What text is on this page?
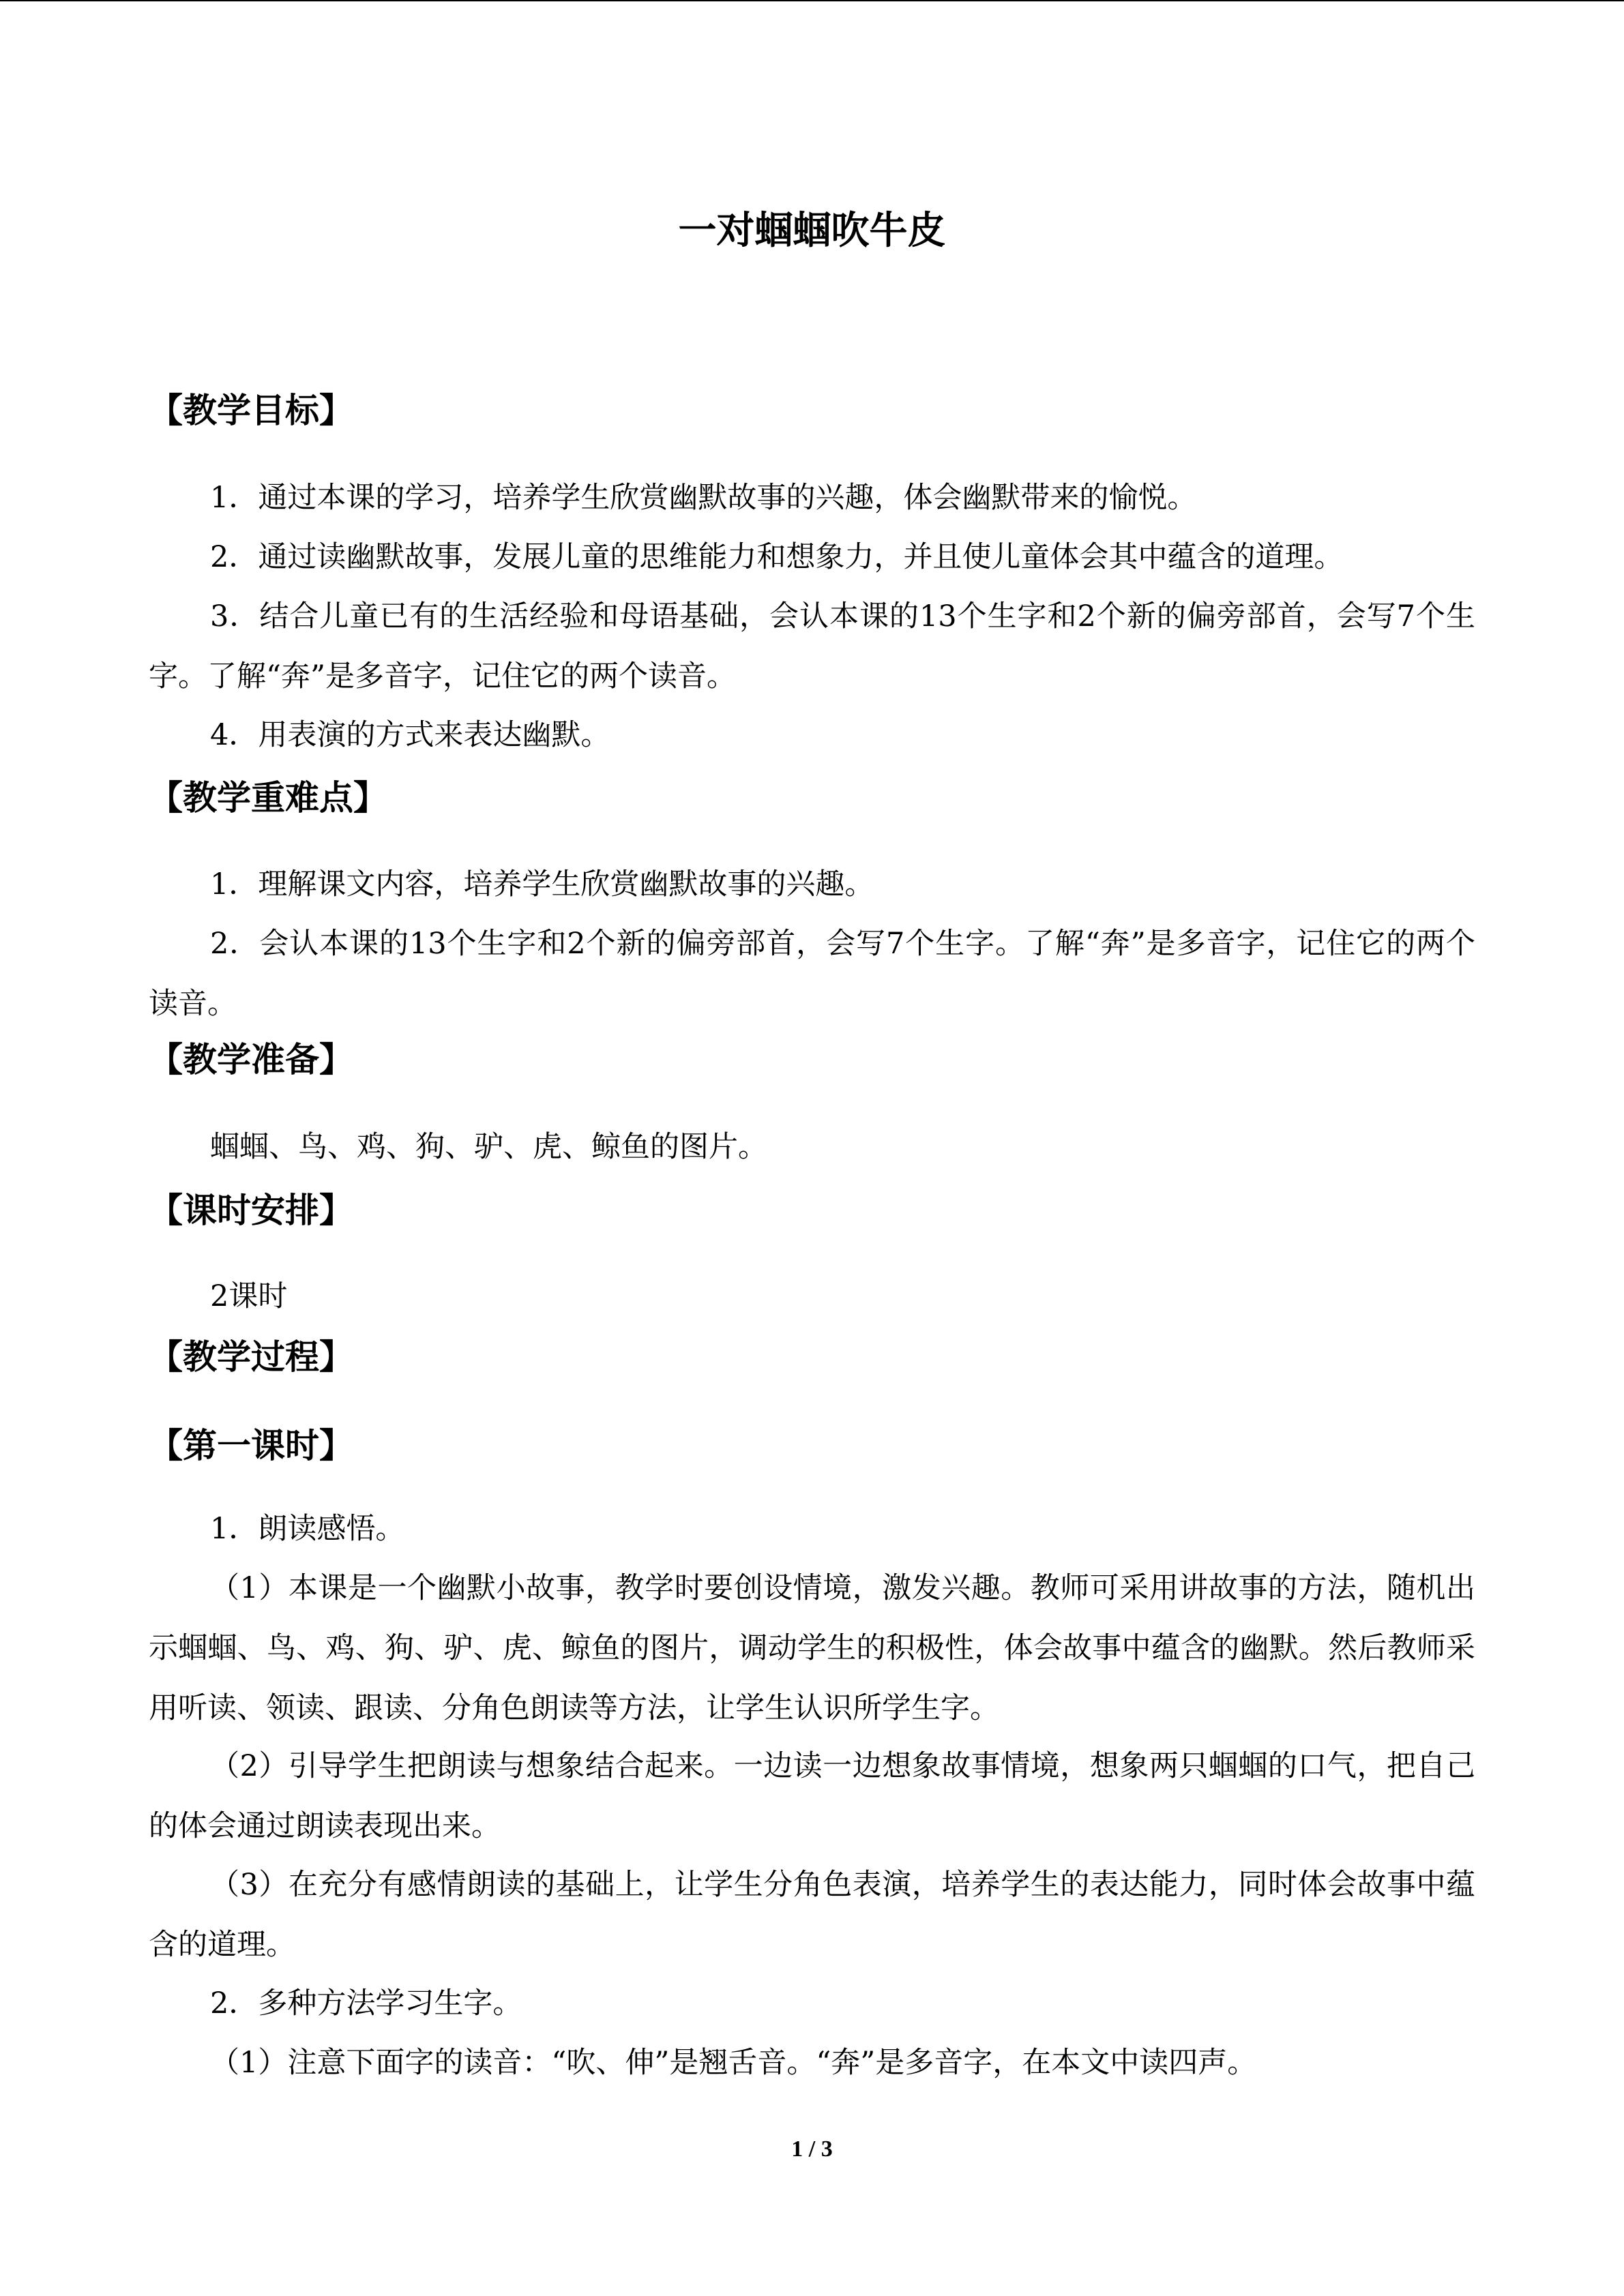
一对蝈蝈吹牛皮
【教学目标】
1．通过本课的学习，培养学生欣赏幽默故事的兴趣，体会幽默带来的愉悦。
2．通过读幽默故事，发展儿童的思维能力和想象力，并且使儿童体会其中蕴含的道理。
3．结合儿童已有的生活经验和母语基础，会认本课的13个生字和2个新的偏旁部首，会写7个生字。了解“奔”是多音字，记住它的两个读音。
4．用表演的方式来表达幽默。
【教学重难点】
1．理解课文内容，培养学生欣赏幽默故事的兴趣。
2．会认本课的13个生字和2个新的偏旁部首，会写7个生字。了解“奔”是多音字，记住它的两个读音。
【教学准备】
蝈蝈、鸟、鸡、狗、驴、虎、鲸鱼的图片。
【课时安排】
2课时
【教学过程】
【第一课时】
1．朗读感悟。
（1）本课是一个幽默小故事，教学时要创设情境，激发兴趣。教师可采用讲故事的方法，随机出示蝈蝈、鸟、鸡、狗、驴、虎、鲸鱼的图片，调动学生的积极性，体会故事中蕴含的幽默。然后教师采用听读、领读、跟读、分角色朗读等方法，让学生认识所学生字。
（2）引导学生把朗读与想象结合起来。一边读一边想象故事情境，想象两只蝈蝈的口气，把自己的体会通过朗读表现出来。
（3）在充分有感情朗读的基础上，让学生分角色表演，培养学生的表达能力，同时体会故事中蕴含的道理。
2．多种方法学习生字。
（1）注意下面字的读音：“吹、伸”是翘舌音。“奔”是多音字，在本文中读四声。
1 / 3
